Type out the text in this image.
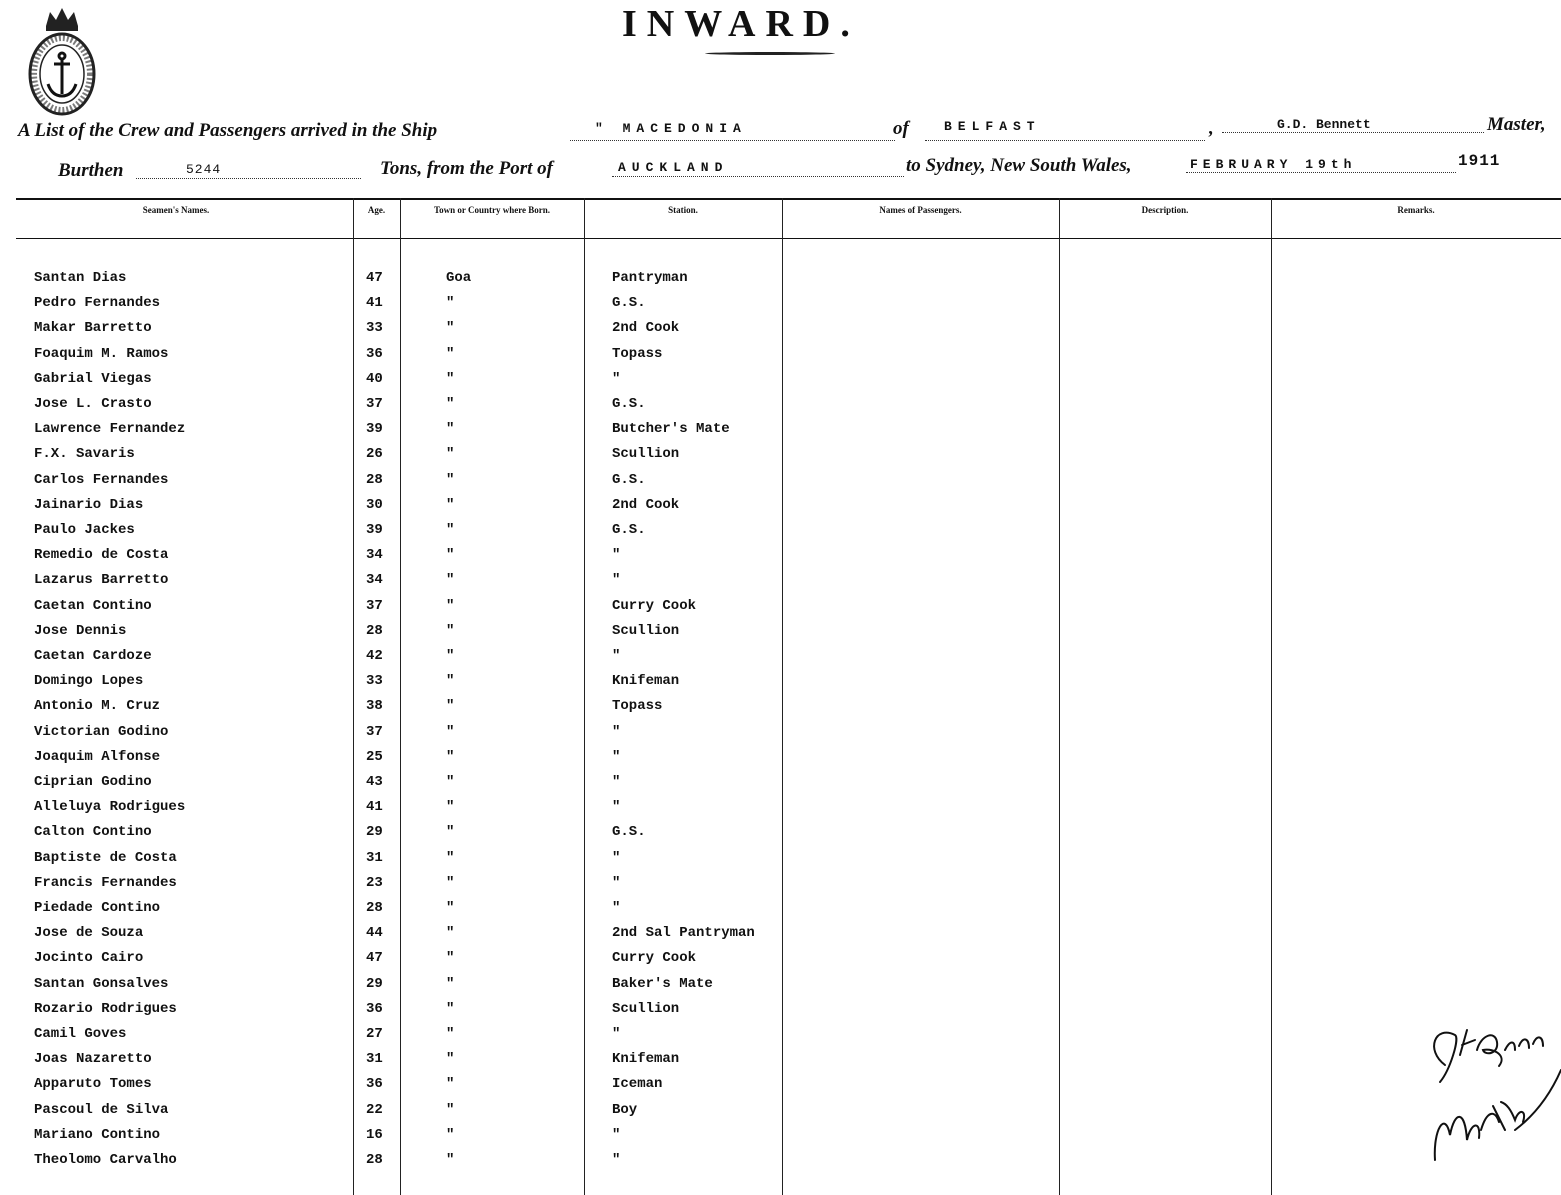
INWARD.
A List of the Crew and Passengers arrived in the Ship	" MACEDONIA	of	BELFAST	,	G.D. Bennett	Master,
Burthen	5244	Tons, from the Port of	AUCKLAND	to Sydney, New South Wales,	FEBRUARY 19th	1911
Seamen's Names.	Age.	Town or Country where Born.	Station.	Names of Passengers.	Description.	Remarks.
Santan Dias	47	Goa	Pantryman
Pedro Fernandes	41	"	G.S.
Makar Barretto	33	"	2nd Cook
Foaquim M. Ramos	36	"	Topass
Gabrial Viegas	40	"	"
Jose L. Crasto	37	"	G.S.
Lawrence Fernandez	39	"	Butcher's Mate
F.X. Savaris	26	"	Scullion
Carlos Fernandes	28	"	G.S.
Jainario Dias	30	"	2nd Cook
Paulo Jackes	39	"	G.S.
Remedio de Costa	34	"	"
Lazarus Barretto	34	"	"
Caetan Contino	37	"	Curry Cook
Jose Dennis	28	"	Scullion
Caetan Cardoze	42	"	"
Domingo Lopes	33	"	Knifeman
Antonio M. Cruz	38	"	Topass
Victorian Godino	37	"	"
Joaquim Alfonse	25	"	"
Ciprian Godino	43	"	"
Alleluya Rodrigues	41	"	"
Calton Contino	29	"	G.S.
Baptiste de Costa	31	"	"
Francis Fernandes	23	"	"
Piedade Contino	28	"	"
Jose de Souza	44	"	2nd Sal Pantryman
Jocinto Cairo	47	"	Curry Cook
Santan Gonsalves	29	"	Baker's Mate
Rozario Rodrigues	36	"	Scullion
Camil Goves	27	"	"
Joas Nazaretto	31	"	Knifeman
Apparuto Tomes	36	"	Iceman
Pascoul de Silva	22	"	Boy
Mariano Contino	16	"	"
Theolomo Carvalho	28	"	"
